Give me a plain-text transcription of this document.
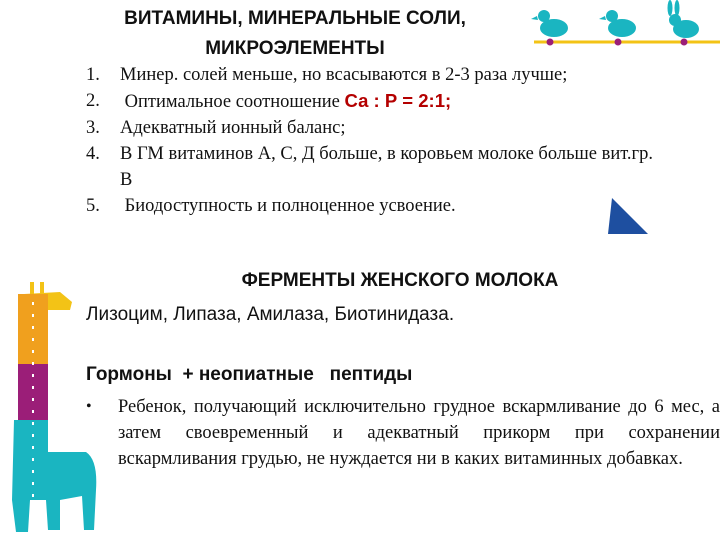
ВИТАМИНЫ, МИНЕРАЛЬНЫЕ СОЛИ,
МИКРОЭЛЕМЕНТЫ
1.	Минер. солей меньше, но всасываются в 2-3 раза лучше;
2.	Оптимальное соотношение Са : Р = 2:1;
3.	Адекватный ионный баланс;
4.	В ГМ витаминов А, С, Д больше, в коровьем молоке больше вит.гр. В
5.	Биодоступность и полноценное усвоение.
ФЕРМЕНТЫ ЖЕНСКОГО МОЛОКА
Лизоцим, Липаза, Амилаза, Биотинидаза.
Гормоны  + неопиатные   пептиды
•	Ребенок, получающий исключительно грудное вскармливание до 6 мес, а затем своевременный и адекватный прикорм при сохранении вскармливания грудью, не нуждается ни в каких витаминных добавках.
